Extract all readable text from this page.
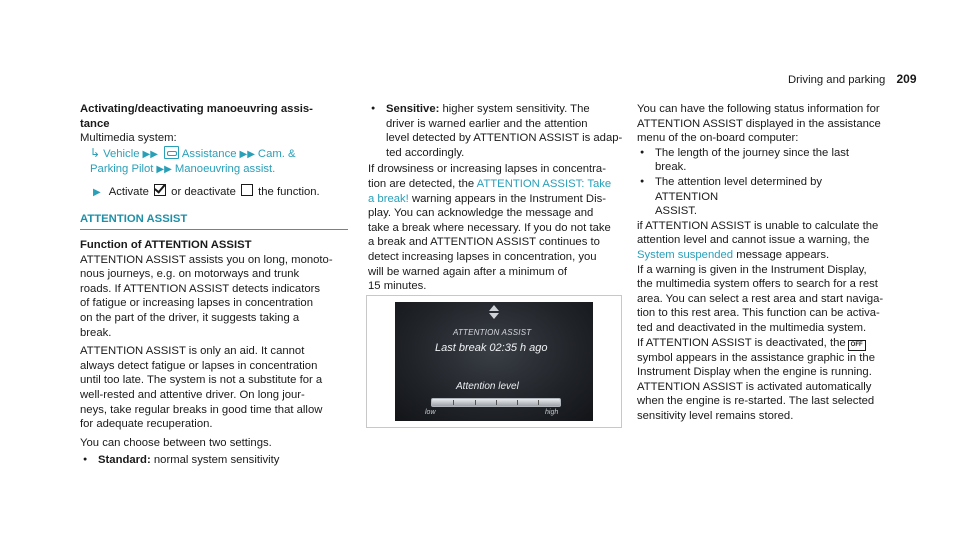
Driving and parking 209

Activating/deactivating manoeuvring assis-

tance

Multimedia system:

↳ Vehicle ▶▶ Assistance ▶▶ Cam. &

Parking Pilot ▶▶ Manoeuvring assist.

▶ Activate or deactivate the function.

ATTENTION ASSIST

Function of ATTENTION ASSIST

ATTENTION ASSIST assists you on long, monoto-

nous journeys, e.g. on motorways and trunk

roads. If ATTENTION ASSIST detects indicators

of fatigue or increasing lapses in concentration

on the part of the driver, it suggests taking a

break.

ATTENTION ASSIST is only an aid. It cannot

always detect fatigue or lapses in concentration

until too late. The system is not a substitute for a

well-rested and attentive driver. On long jour-

neys, take regular breaks in good time that allow

for adequate recuperation.

You can choose between two settings.

● Standard: normal system sensitivity

● Sensitive: higher system sensitivity. The

driver is warned earlier and the attention

level detected by ATTENTION ASSIST is adap-

ted accordingly.

If drowsiness or increasing lapses in concentra-

tion are detected, the ATTENTION ASSIST: Take

a break! warning appears in the Instrument Dis-

play. You can acknowledge the message and

take a break where necessary. If you do not take

a break and ATTENTION ASSIST continues to

detect increasing lapses in concentration, you

will be warned again after a minimum of

15 minutes.

ATTENTION ASSIST
Last break 02:35 h ago
Attention level
low	high

You can have the following status information for

ATTENTION ASSIST displayed in the assistance

menu of the on-board computer:

● The length of the journey since the last

break.

● The attention level determined by ATTENTION

ASSIST.

if ATTENTION ASSIST is unable to calculate the

attention level and cannot issue a warning, the

System suspended message appears.

If a warning is given in the Instrument Display,

the multimedia system offers to search for a rest

area. You can select a rest area and start naviga-

tion to this rest area. This function can be activa-

ted and deactivated in the multimedia system.

If ATTENTION ASSIST is deactivated, the OFF

symbol appears in the assistance graphic in the

Instrument Display when the engine is running.

ATTENTION ASSIST is activated automatically

when the engine is re-started. The last selected

sensitivity level remains stored.
